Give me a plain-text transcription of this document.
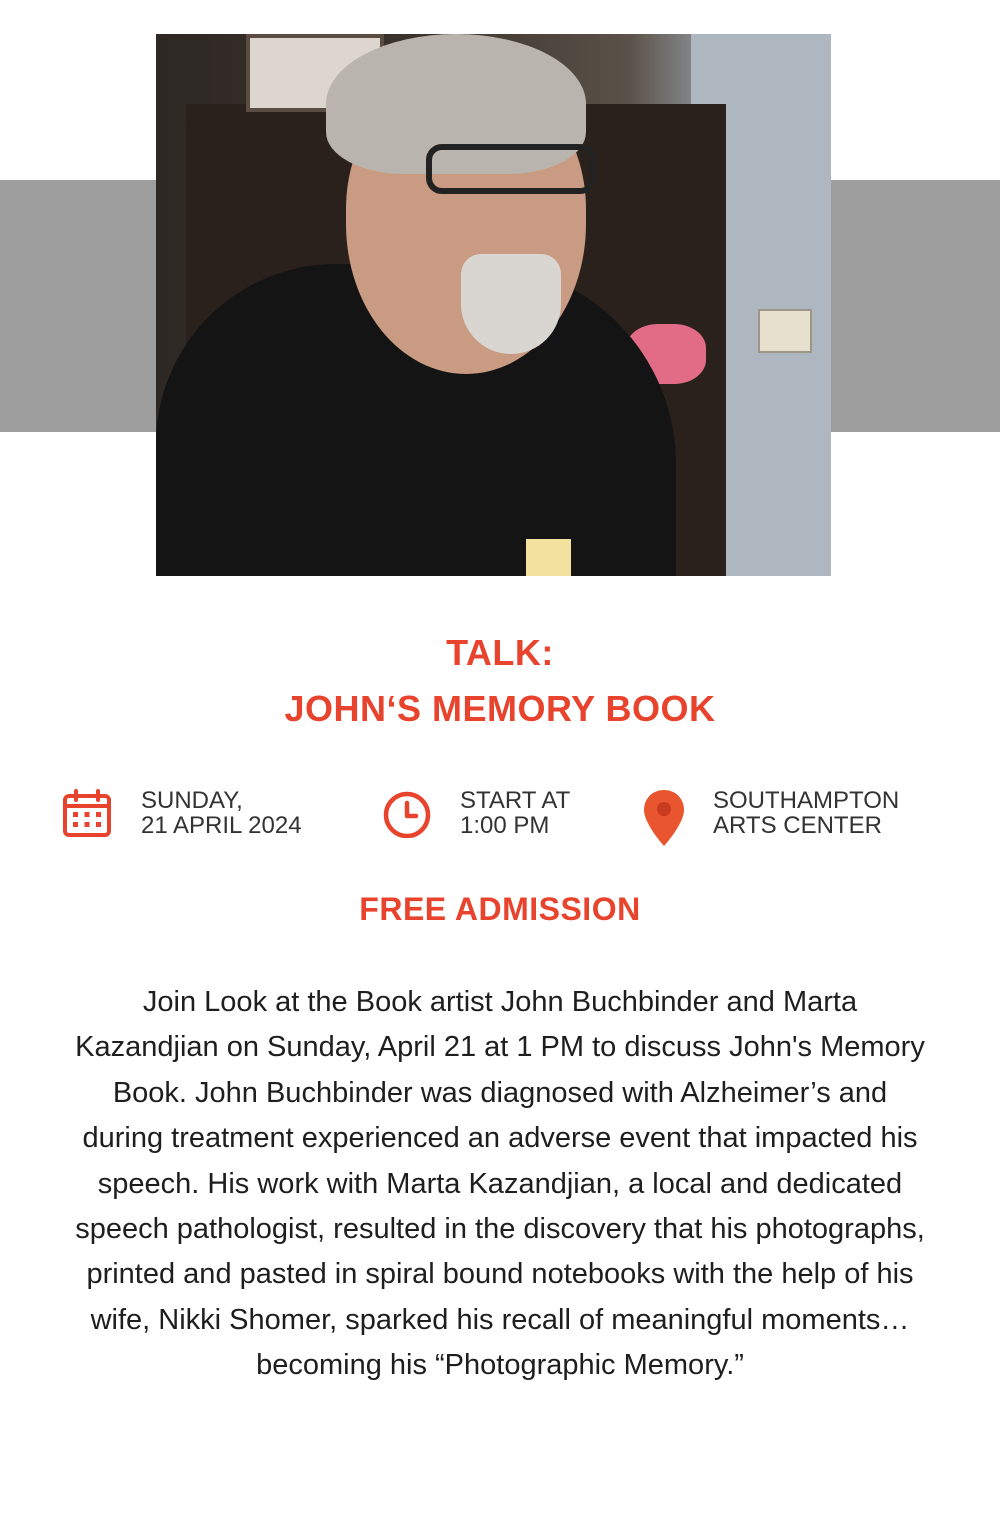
TALK:
JOHN‘S MEMORY BOOK
SUNDAY,
21 APRIL 2024
START AT
1:00 PM
SOUTHAMPTON
ARTS CENTER
FREE ADMISSION
Join Look at the Book artist John Buchbinder and Marta Kazandjian on Sunday, April 21 at 1 PM to discuss John's Memory Book. John Buchbinder was diagnosed with Alzheimer’s and during treatment experienced an adverse event that impacted his speech. His work with Marta Kazandjian, a local and dedicated speech pathologist, resulted in the discovery that his photographs, printed and pasted in spiral bound notebooks with the help of his wife, Nikki Shomer, sparked his recall of meaningful moments…becoming his “Photographic Memory.”
